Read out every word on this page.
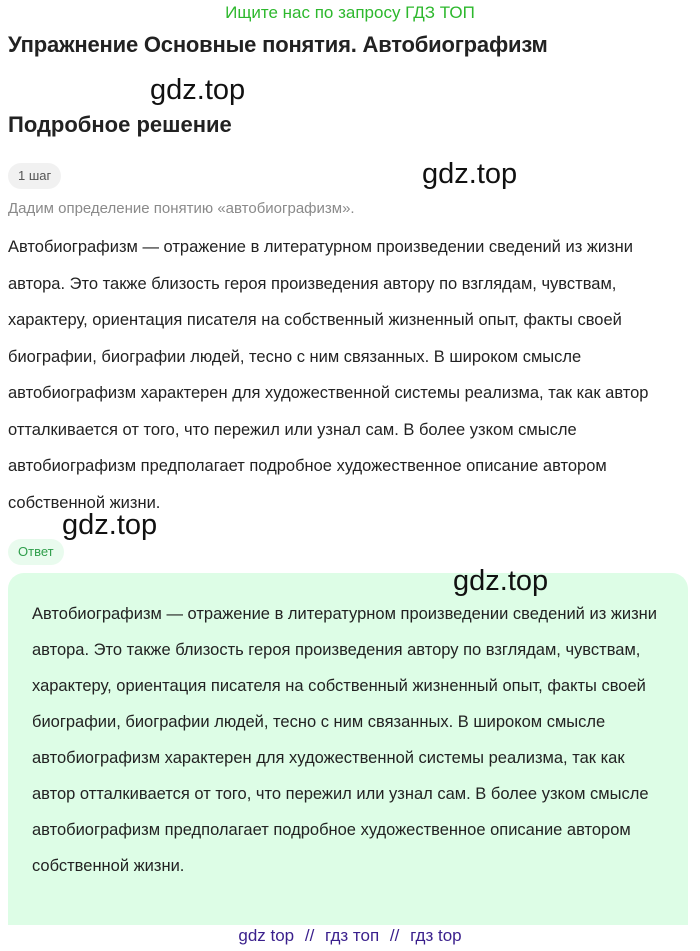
Ищите нас по запросу ГДЗ ТОП
Упражнение Основные понятия. Автобиографизм
gdz.top
Подробное решение
1 шаг	gdz.top
Дадим определение понятию «автобиографизм».
Автобиографизм — отражение в литературном произведении сведений из жизни автора. Это также близость героя произведения автору по взглядам, чувствам, характеру, ориентация писателя на собственный жизненный опыт, факты своей биографии, биографии людей, тесно с ним связанных. В широком смысле автобиографизм характерен для художественной системы реализма, так как автор отталкивается от того, что пережил или узнал сам. В более узком смысле автобиографизм предполагает подробное художественное описание автором собственной жизни.
gdz.top
Ответ
gdz.top
Автобиографизм — отражение в литературном произведении сведений из жизни автора. Это также близость героя произведения автору по взглядам, чувствам, характеру, ориентация писателя на собственный жизненный опыт, факты своей биографии, биографии людей, тесно с ним связанных. В широком смысле автобиографизм характерен для художественной системы реализма, так как автор отталкивается от того, что пережил или узнал сам. В более узком смысле автобиографизм предполагает подробное художественное описание автором собственной жизни.
gdz top // гдз топ // гдз top
